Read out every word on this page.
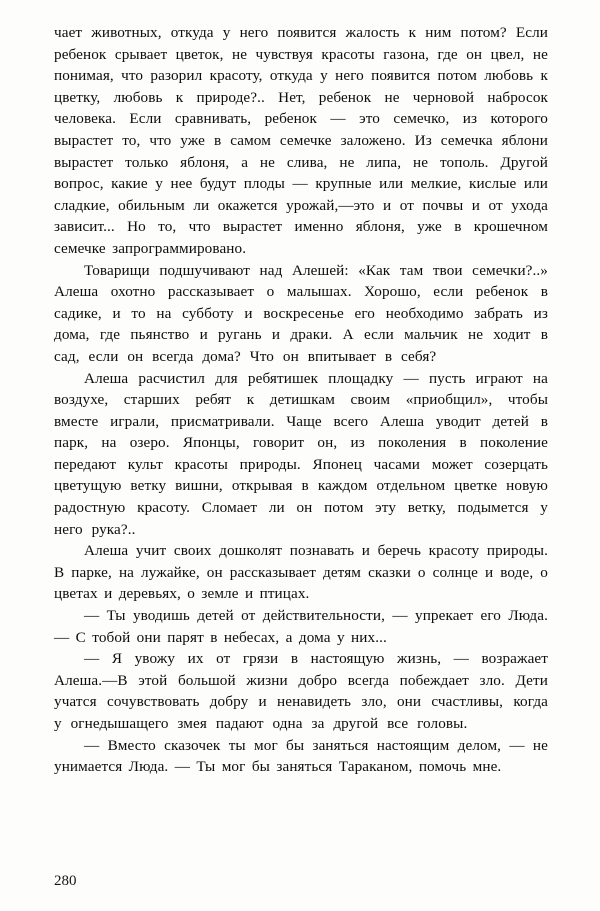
чает животных, откуда у него появится жалость к ним потом? Если ребенок срывает цветок, не чувствуя красоты газона, где он цвел, не понимая, что разорил красоту, откуда у него появится потом любовь к цветку, любовь к природе?.. Нет, ребенок не черновой набросок человека. Если сравнивать, ребенок — это семечко, из которого вырастет то, что уже в самом семечке заложено. Из семечка яблони вырастет только яблоня, а не слива, не липа, не тополь. Другой вопрос, какие у нее будут плоды — крупные или мелкие, кислые или сладкие, обильным ли окажется урожай,—это и от почвы и от ухода зависит... Но то, что вырастет именно яблоня, уже в крошечном семечке запрограммировано.

Товарищи подшучивают над Алешей: «Как там твои семечки?..» Алеша охотно рассказывает о малышах. Хорошо, если ребенок в садике, и то на субботу и воскресенье его необходимо забрать из дома, где пьянство и ругань и драки. А если мальчик не ходит в сад, если он всегда дома? Что он впитывает в себя?

Алеша расчистил для ребятишек площадку — пусть играют на воздухе, старших ребят к детишкам своим «приобщил», чтобы вместе играли, присматривали. Чаще всего Алеша уводит детей в парк, на озеро. Японцы, говорит он, из поколения в поколение передают культ красоты природы. Японец часами может созерцать цветущую ветку вишни, открывая в каждом отдельном цветке новую радостную красоту. Сломает ли он потом эту ветку, подымется у него рука?..

Алеша учит своих дошколят познавать и беречь красоту природы. В парке, на лужайке, он рассказывает детям сказки о солнце и воде, о цветах и деревьях, о земле и птицах.

— Ты уводишь детей от действительности, — упрекает его Люда. — С тобой они парят в небесах, а дома у них...

— Я увожу их от грязи в настоящую жизнь, — возражает Алеша.—В этой большой жизни добро всегда побеждает зло. Дети учатся сочувствовать добру и ненавидеть зло, они счастливы, когда у огнедышащего змея падают одна за другой все головы.

— Вместо сказочек ты мог бы заняться настоящим делом, — не унимается Люда. — Ты мог бы заняться Тараканом, помочь мне.

280
